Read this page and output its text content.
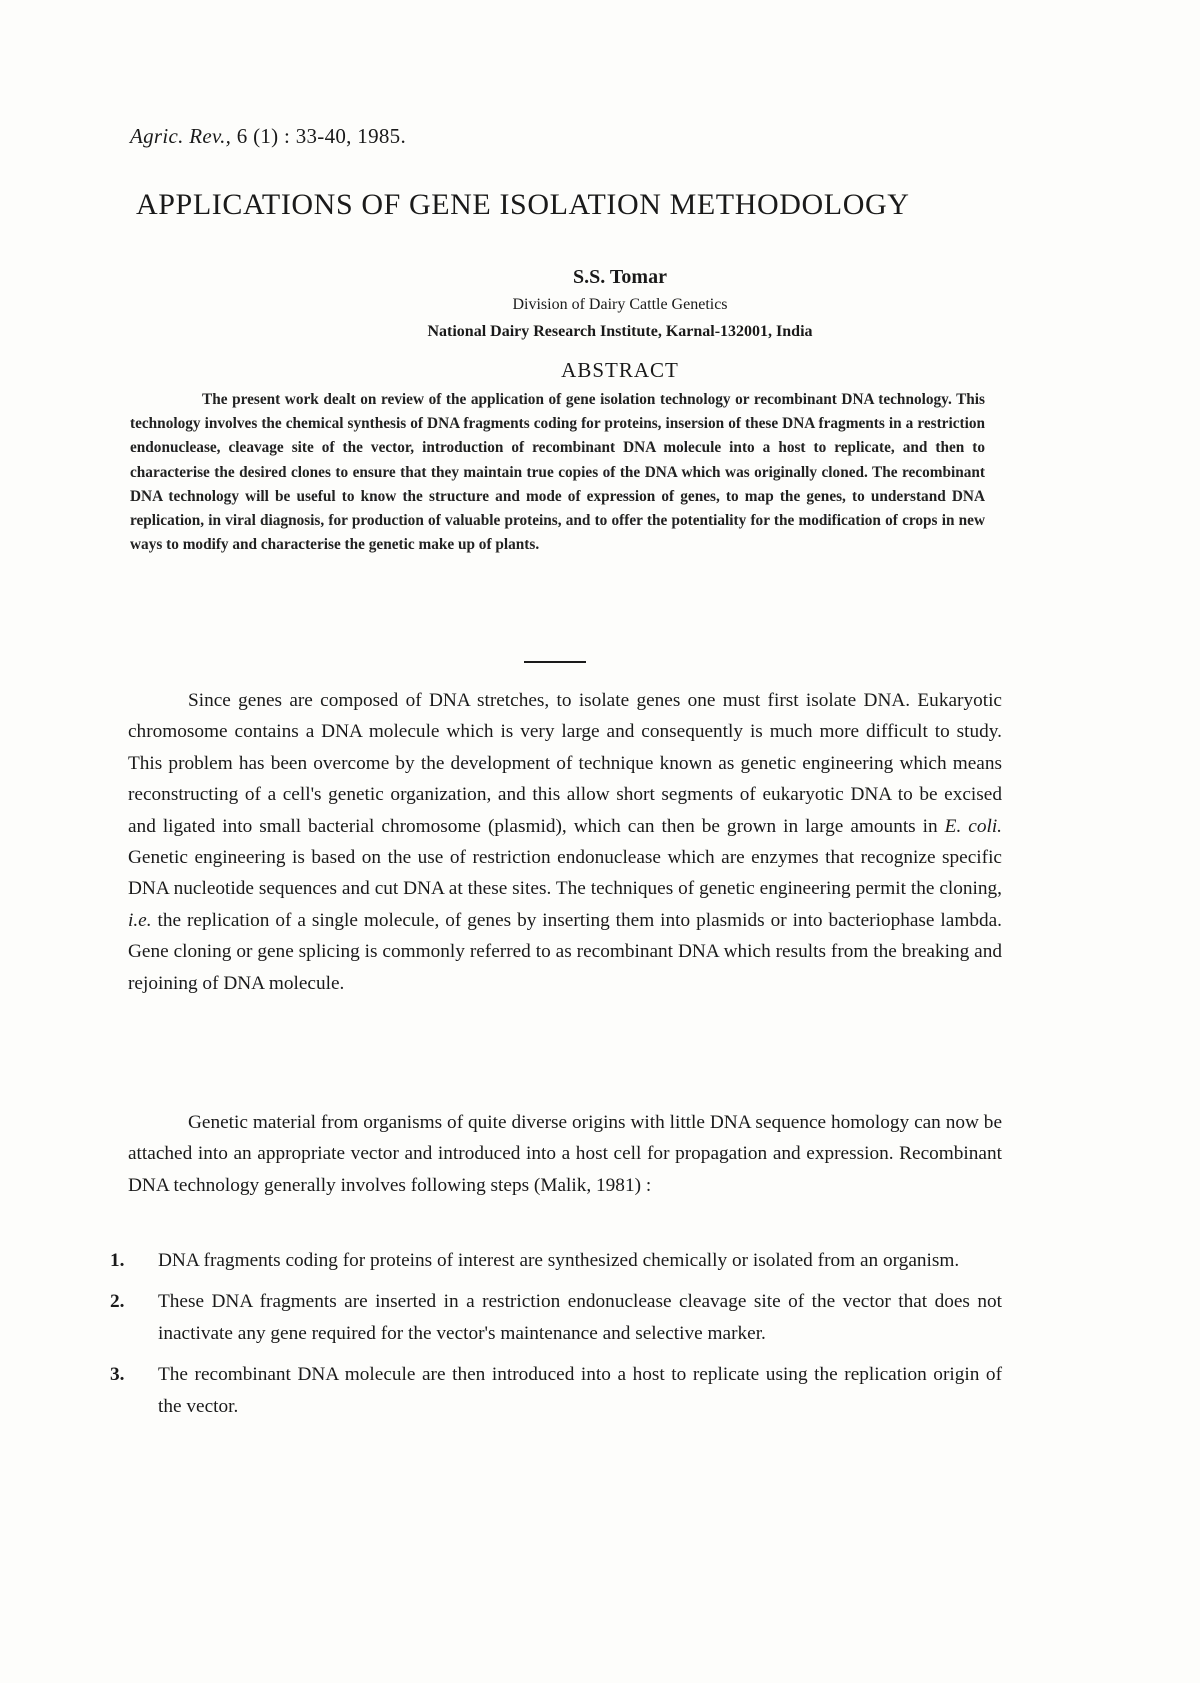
Agric. Rev., 6 (1) : 33-40, 1985.
APPLICATIONS OF GENE ISOLATION METHODOLOGY
S.S. Tomar
Division of Dairy Cattle Genetics
National Dairy Research Institute, Karnal-132001, India
ABSTRACT
The present work dealt on review of the application of gene isolation technology or recombinant DNA technology. This technology involves the chemical synthesis of DNA fragments coding for proteins, insersion of these DNA fragments in a restriction endonuclease, cleavage site of the vector, introduction of recombinant DNA molecule into a host to replicate, and then to characterise the desired clones to ensure that they maintain true copies of the DNA which was originally cloned. The recombinant DNA technology will be useful to know the structure and mode of expression of genes, to map the genes, to understand DNA replication, in viral diagnosis, for production of valuable proteins, and to offer the potentiality for the modification of crops in new ways to modify and characterise the genetic make up of plants.
Since genes are composed of DNA stretches, to isolate genes one must first isolate DNA. Eukaryotic chromosome contains a DNA molecule which is very large and consequently is much more difficult to study. This problem has been overcome by the development of technique known as genetic engineering which means reconstructing of a cell's genetic organization, and this allow short segments of eukaryotic DNA to be excised and ligated into small bacterial chromosome (plasmid), which can then be grown in large amounts in E. coli. Genetic engineering is based on the use of restriction endonuclease which are enzymes that recognize specific DNA nucleotide sequences and cut DNA at these sites. The techniques of genetic engineering permit the cloning, i.e. the replication of a single molecule, of genes by inserting them into plasmids or into bacteriophase lambda. Gene cloning or gene splicing is commonly referred to as recombinant DNA which results from the breaking and rejoining of DNA molecule.
Genetic material from organisms of quite diverse origins with little DNA sequence homology can now be attached into an appropriate vector and introduced into a host cell for propagation and expression. Recombinant DNA technology generally involves following steps (Malik, 1981) :
1. DNA fragments coding for proteins of interest are synthesized chemically or isolated from an organism.
2. These DNA fragments are inserted in a restriction endonuclease cleavage site of the vector that does not inactivate any gene required for the vector's maintenance and selective marker.
3. The recombinant DNA molecule are then introduced into a host to replicate using the replication origin of the vector.
